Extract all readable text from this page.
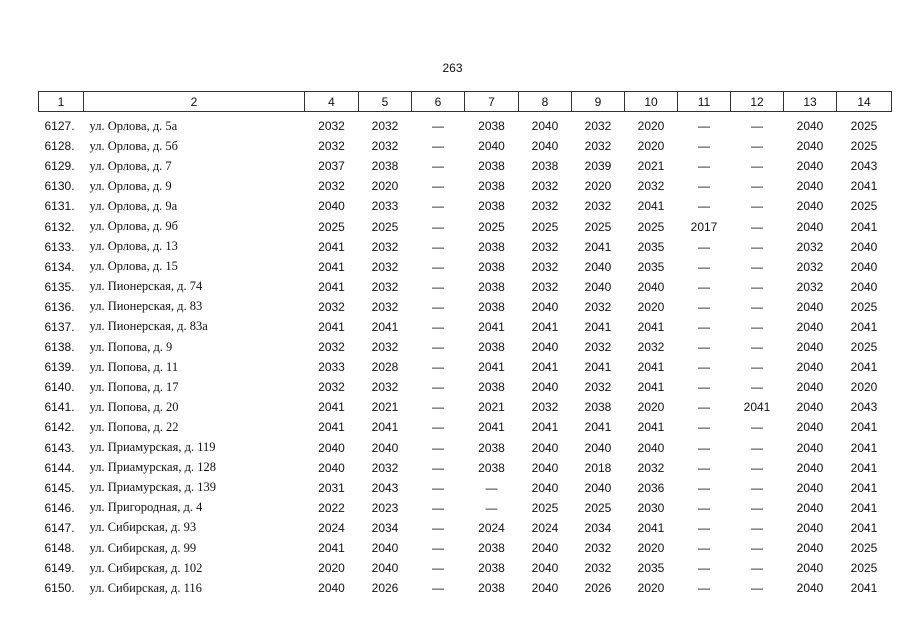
263
1	2	4	5	6	7	8	9	10	11	12	13	14
6127.	ул. Орлова, д. 5а	2032	2032	—	2038	2040	2032	2020	—	—	2040	2025
6128.	ул. Орлова, д. 5б	2032	2032	—	2040	2040	2032	2020	—	—	2040	2025
6129.	ул. Орлова, д. 7	2037	2038	—	2038	2038	2039	2021	—	—	2040	2043
6130.	ул. Орлова, д. 9	2032	2020	—	2038	2032	2020	2032	—	—	2040	2041
6131.	ул. Орлова, д. 9а	2040	2033	—	2038	2032	2032	2041	—	—	2040	2025
6132.	ул. Орлова, д. 9б	2025	2025	—	2025	2025	2025	2025	2017	—	2040	2041
6133.	ул. Орлова, д. 13	2041	2032	—	2038	2032	2041	2035	—	—	2032	2040
6134.	ул. Орлова, д. 15	2041	2032	—	2038	2032	2040	2035	—	—	2032	2040
6135.	ул. Пионерская, д. 74	2041	2032	—	2038	2032	2040	2040	—	—	2032	2040
6136.	ул. Пионерская, д. 83	2032	2032	—	2038	2040	2032	2020	—	—	2040	2025
6137.	ул. Пионерская, д. 83а	2041	2041	—	2041	2041	2041	2041	—	—	2040	2041
6138.	ул. Попова, д. 9	2032	2032	—	2038	2040	2032	2032	—	—	2040	2025
6139.	ул. Попова, д. 11	2033	2028	—	2041	2041	2041	2041	—	—	2040	2041
6140.	ул. Попова, д. 17	2032	2032	—	2038	2040	2032	2041	—	—	2040	2020
6141.	ул. Попова, д. 20	2041	2021	—	2021	2032	2038	2020	—	2041	2040	2043
6142.	ул. Попова, д. 22	2041	2041	—	2041	2041	2041	2041	—	—	2040	2041
6143.	ул. Приамурская, д. 119	2040	2040	—	2038	2040	2040	2040	—	—	2040	2041
6144.	ул. Приамурская, д. 128	2040	2032	—	2038	2040	2018	2032	—	—	2040	2041
6145.	ул. Приамурская, д. 139	2031	2043	—	—	2040	2040	2036	—	—	2040	2041
6146.	ул. Пригородная, д. 4	2022	2023	—	—	2025	2025	2030	—	—	2040	2041
6147.	ул. Сибирская, д. 93	2024	2034	—	2024	2024	2034	2041	—	—	2040	2041
6148.	ул. Сибирская, д. 99	2041	2040	—	2038	2040	2032	2020	—	—	2040	2025
6149.	ул. Сибирская, д. 102	2020	2040	—	2038	2040	2032	2035	—	—	2040	2025
6150.	ул. Сибирская, д. 116	2040	2026	—	2038	2040	2026	2020	—	—	2040	2041
